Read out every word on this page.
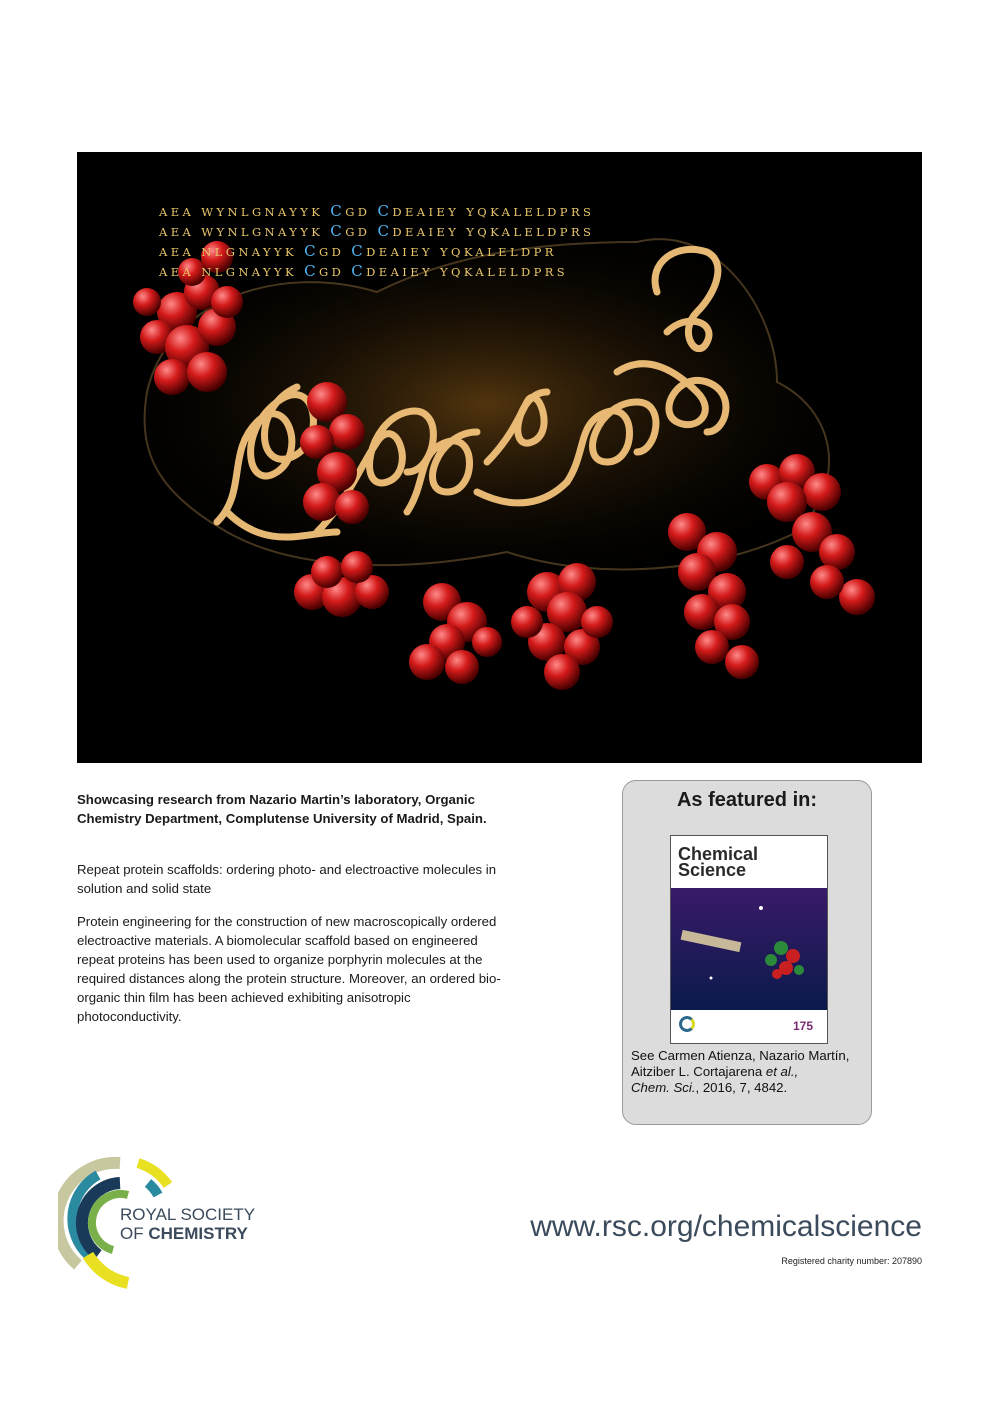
AEA WYNLGNAYYK CGD CDEAIEY YQKALELDPRS
AEA WYNLGNAYYK CGD CDEAIEY YQKALELDPRS
AEA NLGNAYYK CGD CDEAIEY YQKALELDPR
AEA NLGNAYYK CGD CDEAIEY YQKALELDPRS
Showcasing research from Nazario Martin’s laboratory, Organic Chemistry Department, Complutense University of Madrid, Spain.
Repeat protein scaffolds: ordering photo- and electroactive molecules in solution and solid state
Protein engineering for the construction of new macroscopically ordered electroactive materials. A biomolecular scaffold based on engineered repeat proteins has been used to organize porphyrin molecules at the required distances along the protein structure. Moreover, an ordered bio-organic thin film has been achieved exhibiting anisotropic photoconductivity.
As featured in:
Chemical Science
175
See Carmen Atienza, Nazario Martín, Aitziber L. Cortajarena et al.,
Chem. Sci., 2016, 7, 4842.
ROYAL SOCIETY
OF CHEMISTRY	www.rsc.org/chemicalscience
Registered charity number: 207890
